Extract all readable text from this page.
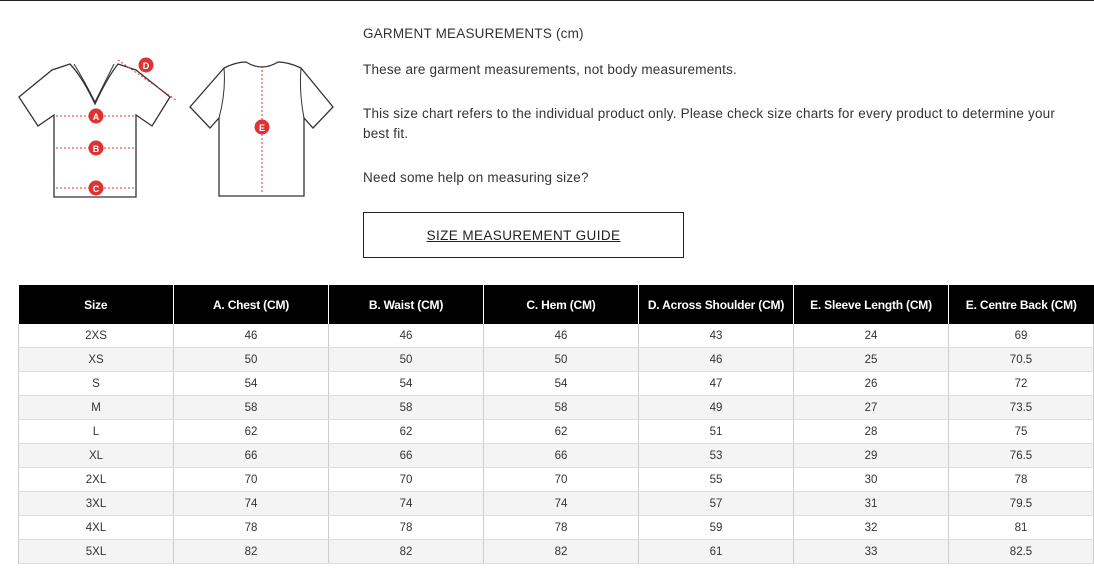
A
B
C
D
E

GARMENT MEASUREMENTS (cm)

These are garment measurements, not body measurements.

This size chart refers to the individual product only. Please check size charts for every product to determine your best fit.

Need some help on measuring size?

SIZE MEASUREMENT GUIDE
Size	A. Chest (CM)	B. Waist (CM)	C. Hem (CM)	D. Across Shoulder (CM)	E. Sleeve Length (CM)	E. Centre Back (CM)
2XS	46	46	46	43	24	69
XS	50	50	50	46	25	70.5
S	54	54	54	47	26	72
M	58	58	58	49	27	73.5
L	62	62	62	51	28	75
XL	66	66	66	53	29	76.5
2XL	70	70	70	55	30	78
3XL	74	74	74	57	31	79.5
4XL	78	78	78	59	32	81
5XL	82	82	82	61	33	82.5
